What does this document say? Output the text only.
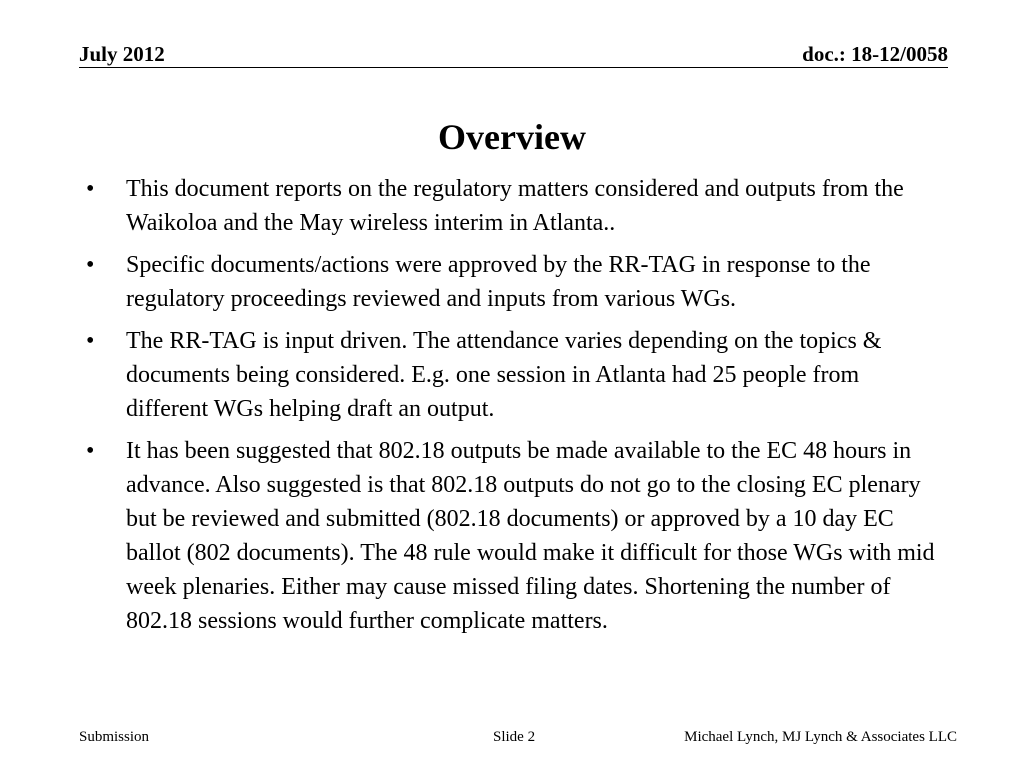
July 2012	doc.: 18-12/0058
Overview
•	This document reports on the regulatory matters considered and outputs from the Waikoloa and the May wireless interim in Atlanta..
•	Specific documents/actions were approved by the RR-TAG in response to the regulatory proceedings reviewed and inputs from various WGs.
•	The RR-TAG is input driven. The attendance varies depending on the topics & documents being considered. E.g. one session in Atlanta had 25 people from different WGs helping draft an output.
•	It has been suggested that 802.18 outputs be made available to the EC 48 hours in advance. Also suggested is that 802.18 outputs do not go to the closing EC plenary but be reviewed and submitted (802.18 documents) or approved by a 10 day EC ballot (802 documents). The 48 rule would make it difficult for those WGs with mid week plenaries. Either may cause missed filing dates. Shortening the number of 802.18 sessions would further complicate matters.
Submission	Slide 2	Michael Lynch, MJ Lynch & Associates LLC
